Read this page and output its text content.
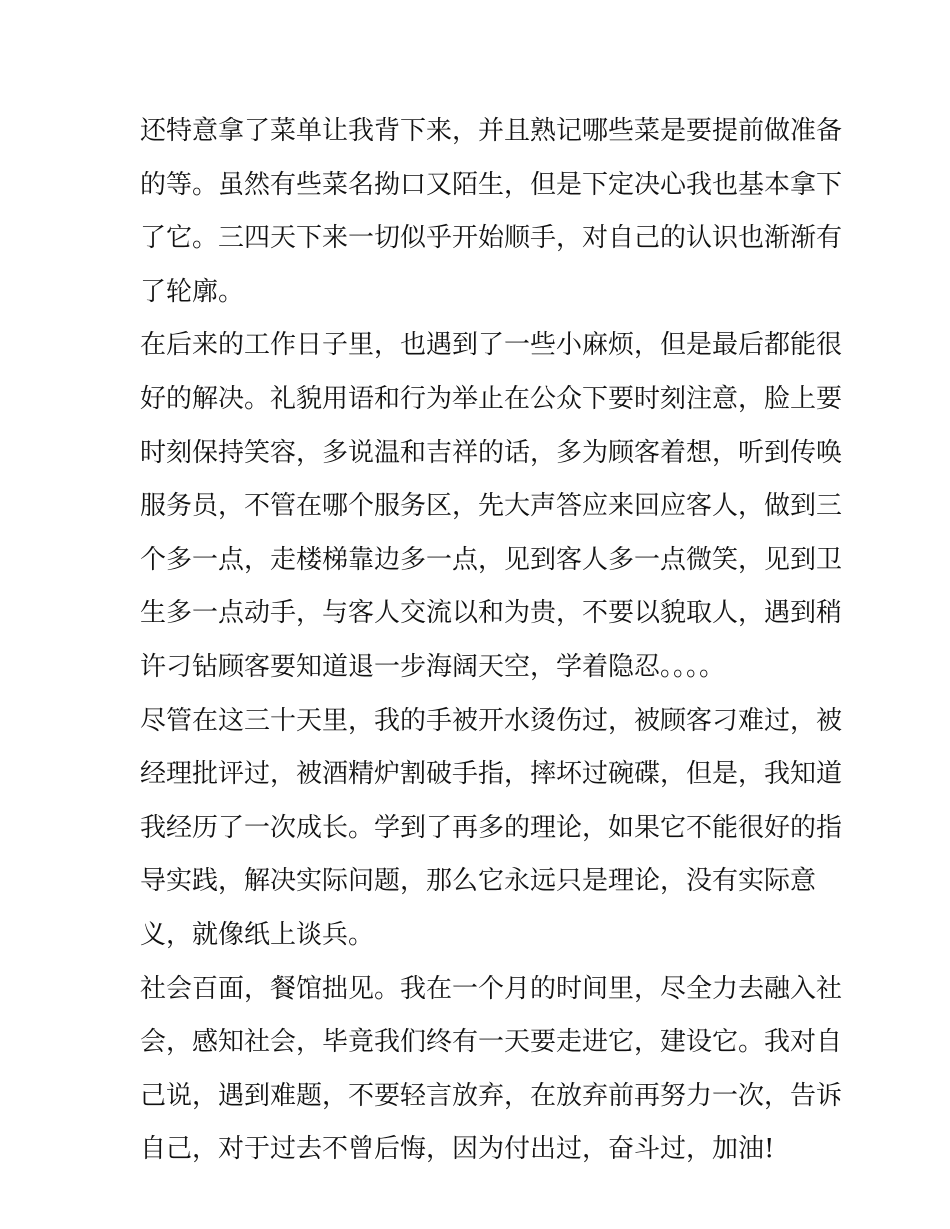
还特意拿了菜单让我背下来，并且熟记哪些菜是要提前做准备
的等。虽然有些菜名拗口又陌生，但是下定决心我也基本拿下
了它。三四天下来一切似乎开始顺手，对自己的认识也渐渐有
了轮廓。
在后来的工作日子里，也遇到了一些小麻烦，但是最后都能很
好的解决。礼貌用语和行为举止在公众下要时刻注意，脸上要
时刻保持笑容，多说温和吉祥的话，多为顾客着想，听到传唤
服务员，不管在哪个服务区，先大声答应来回应客人，做到三
个多一点，走楼梯靠边多一点，见到客人多一点微笑，见到卫
生多一点动手，与客人交流以和为贵，不要以貌取人，遇到稍
许刁钻顾客要知道退一步海阔天空，学着隐忍。。。。
尽管在这三十天里，我的手被开水烫伤过，被顾客刁难过，被
经理批评过，被酒精炉割破手指，摔坏过碗碟，但是，我知道
我经历了一次成长。学到了再多的理论，如果它不能很好的指
导实践，解决实际问题，那么它永远只是理论，没有实际意
义，就像纸上谈兵。
社会百面，餐馆拙见。我在一个月的时间里，尽全力去融入社
会，感知社会，毕竟我们终有一天要走进它，建设它。我对自
己说，遇到难题，不要轻言放弃，在放弃前再努力一次，告诉
自己，对于过去不曾后悔，因为付出过，奋斗过，加油!
